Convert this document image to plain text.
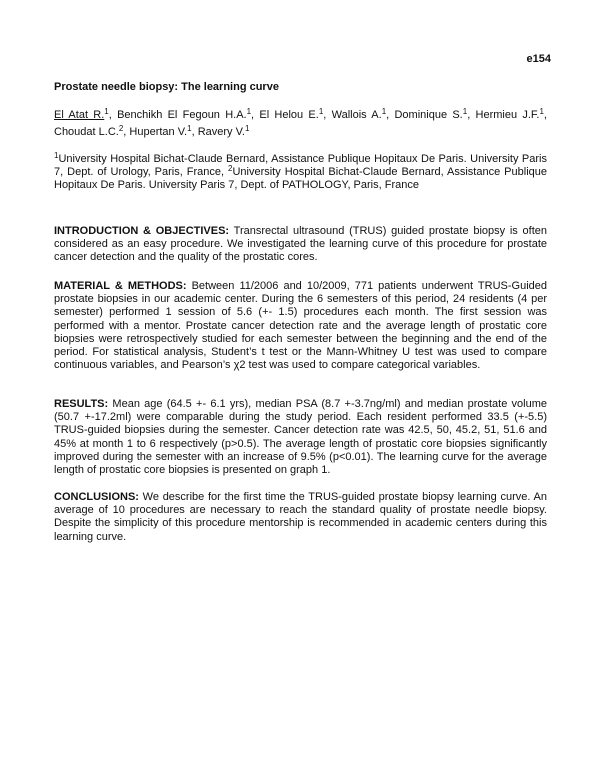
e154
Prostate needle biopsy: The learning curve
El Atat R.$^1$, Benchikh El Fegoun H.A.$^1$, El Helou E.$^1$, Wallois A.$^1$, Dominique S.$^1$, Hermieu J.F.$^1$, Choudat L.C.$^2$, Hupertan V.$^1$, Ravery V.$^1$
$^1$University Hospital Bichat-Claude Bernard, Assistance Publique Hopitaux De Paris. University Paris 7, Dept. of Urology, Paris, France, $^2$University Hospital Bichat-Claude Bernard, Assistance Publique Hopitaux De Paris. University Paris 7, Dept. of PATHOLOGY, Paris, France
INTRODUCTION & OBJECTIVES: Transrectal ultrasound (TRUS) guided prostate biopsy is often considered as an easy procedure. We investigated the learning curve of this procedure for prostate cancer detection and the quality of the prostatic cores.
MATERIAL & METHODS: Between 11/2006 and 10/2009, 771 patients underwent TRUS-Guided prostate biopsies in our academic center. During the 6 semesters of this period, 24 residents (4 per semester) performed 1 session of 5.6 (+- 1.5) procedures each month. The first session was performed with a mentor. Prostate cancer detection rate and the average length of prostatic core biopsies were retrospectively studied for each semester between the beginning and the end of the period. For statistical analysis, Student’s t test or the Mann-Whitney U test was used to compare continuous variables, and Pearson’s χ2 test was used to compare categorical variables.
RESULTS: Mean age (64.5 +- 6.1 yrs), median PSA (8.7 +-3.7ng/ml) and median prostate volume (50.7 +-17.2ml) were comparable during the study period. Each resident performed 33.5 (+-5.5) TRUS-guided biopsies during the semester. Cancer detection rate was 42.5, 50, 45.2, 51, 51.6 and 45% at month 1 to 6 respectively (p>0.5). The average length of prostatic core biopsies significantly improved during the semester with an increase of 9.5% (p<0.01). The learning curve for the average length of prostatic core biopsies is presented on graph 1.
CONCLUSIONS: We describe for the first time the TRUS-guided prostate biopsy learning curve. An average of 10 procedures are necessary to reach the standard quality of prostate needle biopsy. Despite the simplicity of this procedure mentorship is recommended in academic centers during this learning curve.
